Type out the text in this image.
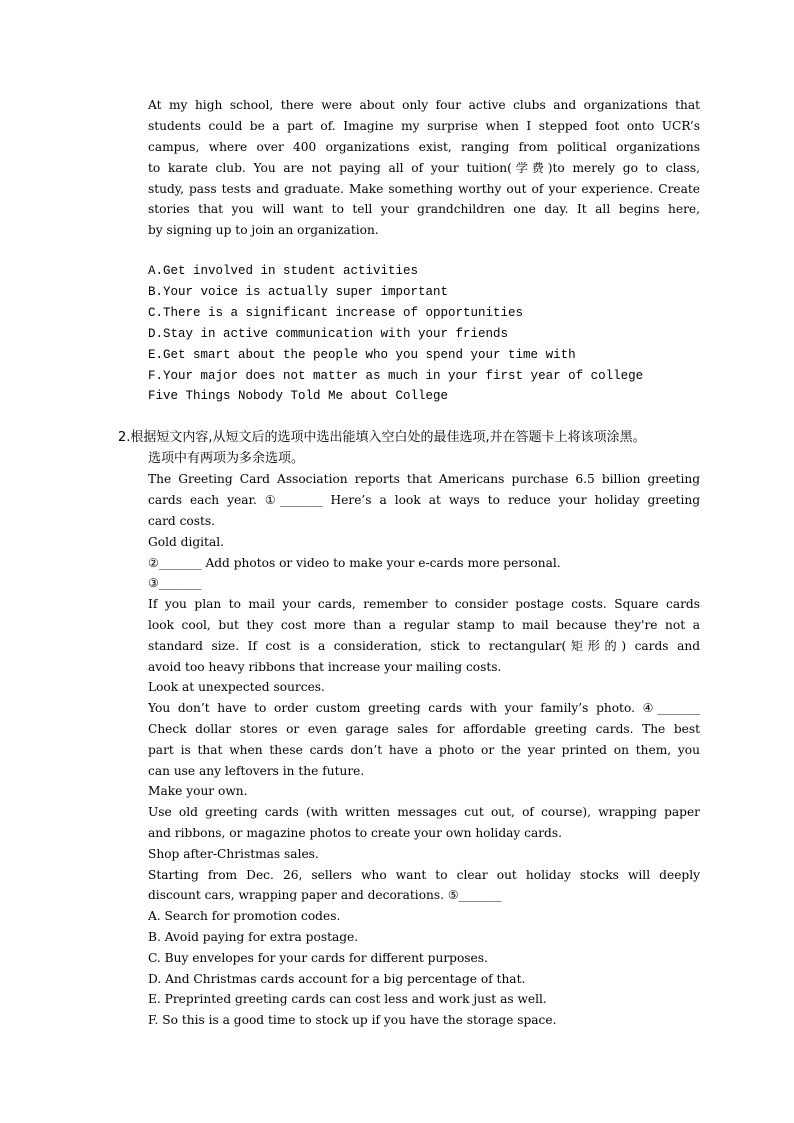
At my high school, there were about only four active clubs and organizations that
students could be a part of. Imagine my surprise when I stepped foot onto UCR’s
campus, where over 400 organizations exist, ranging from political organizations
to karate club. You are not paying all of your tuition(学费)to merely go to class,
study, pass tests and graduate. Make something worthy out of your experience. Create
stories that you will want to tell your grandchildren one day. It all begins here,
by signing up to join an organization.
A.Get involved in student activities
B.Your voice is actually super important
C.There is a significant increase of opportunities
D.Stay in active communication with your friends
E.Get smart about the people who you spend your time with
F.Your major does not matter as much in your first year of college
Five Things Nobody Told Me about College
2.根据短文内容,从短文后的选项中选出能填入空白处的最佳选项,并在答题卡上将该项涂黑。
选项中有两项为多余选项。
The Greeting Card Association reports that Americans purchase 6.5 billion greeting
cards each year. ①_______ Here’s a look at ways to reduce your holiday greeting
card costs.
Gold digital.
②_______ Add photos or video to make your e-cards more personal.
③_______
If you plan to mail your cards, remember to consider postage costs. Square cards
look cool, but they cost more than a regular stamp to mail because they're not a
standard size. If cost is a consideration, stick to rectangular(矩形的) cards and
avoid too heavy ribbons that increase your mailing costs.
Look at unexpected sources.
You don’t have to order custom greeting cards with your family’s photo. ④_______
Check dollar stores or even garage sales for affordable greeting cards. The best
part is that when these cards don’t have a photo or the year printed on them, you
can use any leftovers in the future.
Make your own.
Use old greeting cards (with written messages cut out, of course), wrapping paper
and ribbons, or magazine photos to create your own holiday cards.
Shop after-Christmas sales.
Starting from Dec. 26, sellers who want to clear out holiday stocks will deeply
discount cars, wrapping paper and decorations. ⑤_______
A. Search for promotion codes.
B. Avoid paying for extra postage.
C. Buy envelopes for your cards for different purposes.
D. And Christmas cards account for a big percentage of that.
E. Preprinted greeting cards can cost less and work just as well.
F. So this is a good time to stock up if you have the storage space.
